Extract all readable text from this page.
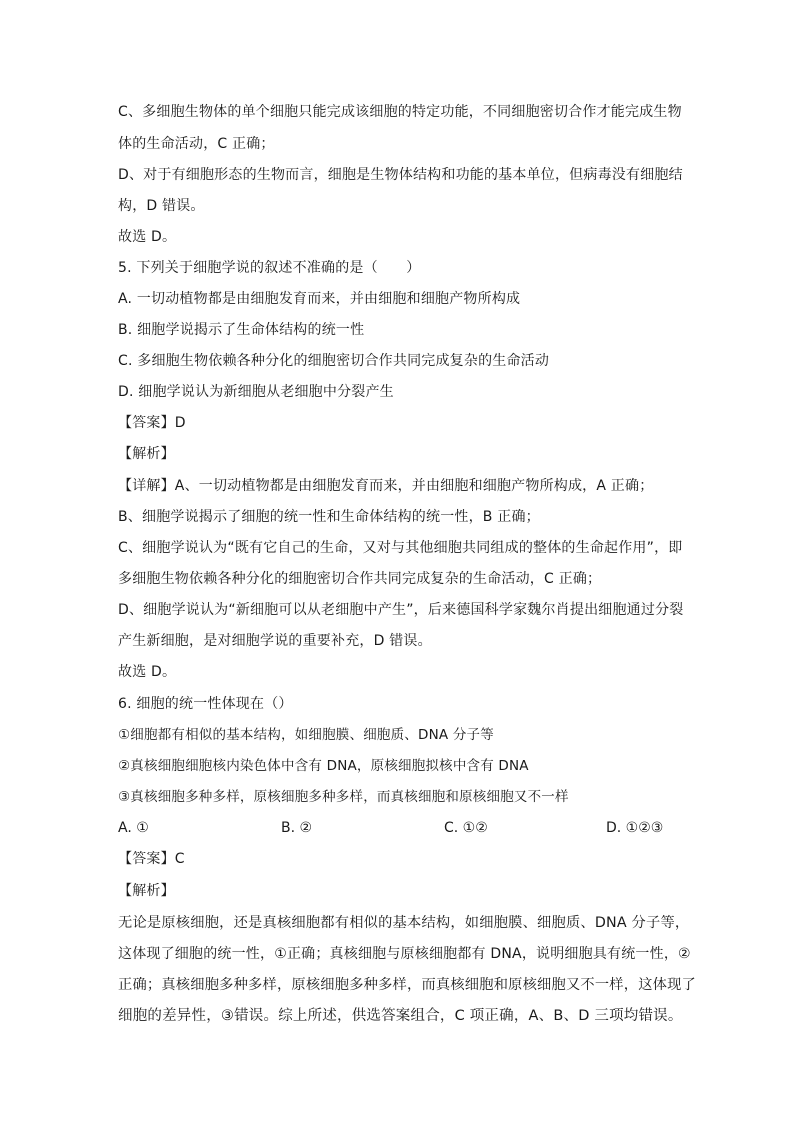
C、多细胞生物体的单个细胞只能完成该细胞的特定功能，不同细胞密切合作才能完成生物
体的生命活动，C 正确；
D、对于有细胞形态的生物而言，细胞是生物体结构和功能的基本单位，但病毒没有细胞结
构，D 错误。
故选 D。
5. 下列关于细胞学说的叙述不准确的是（　　）
A. 一切动植物都是由细胞发育而来，并由细胞和细胞产物所构成
B. 细胞学说揭示了生命体结构的统一性
C. 多细胞生物依赖各种分化的细胞密切合作共同完成复杂的生命活动
D. 细胞学说认为新细胞从老细胞中分裂产生
【答案】D
【解析】
【详解】A、一切动植物都是由细胞发育而来，并由细胞和细胞产物所构成，A 正确；
B、细胞学说揭示了细胞的统一性和生命体结构的统一性，B 正确；
C、细胞学说认为“既有它自己的生命，又对与其他细胞共同组成的整体的生命起作用”，即
多细胞生物依赖各种分化的细胞密切合作共同完成复杂的生命活动，C 正确；
D、细胞学说认为“新细胞可以从老细胞中产生”，后来德国科学家魏尔肖提出细胞通过分裂
产生新细胞，是对细胞学说的重要补充，D 错误。
故选 D。
6. 细胞的统一性体现在（）
①细胞都有相似的基本结构，如细胞膜、细胞质、DNA 分子等
②真核细胞细胞核内染色体中含有 DNA，原核细胞拟核中含有 DNA
③真核细胞多种多样，原核细胞多种多样，而真核细胞和原核细胞又不一样
A. ①	B. ②	C. ①②	D. ①②③
【答案】C
【解析】
无论是原核细胞，还是真核细胞都有相似的基本结构，如细胞膜、细胞质、DNA 分子等，
这体现了细胞的统一性，①正确；真核细胞与原核细胞都有 DNA，说明细胞具有统一性，②
正确；真核细胞多种多样，原核细胞多种多样，而真核细胞和原核细胞又不一样，这体现了
细胞的差异性，③错误。综上所述，供选答案组合，C 项正确，A、B、D 三项均错误。
